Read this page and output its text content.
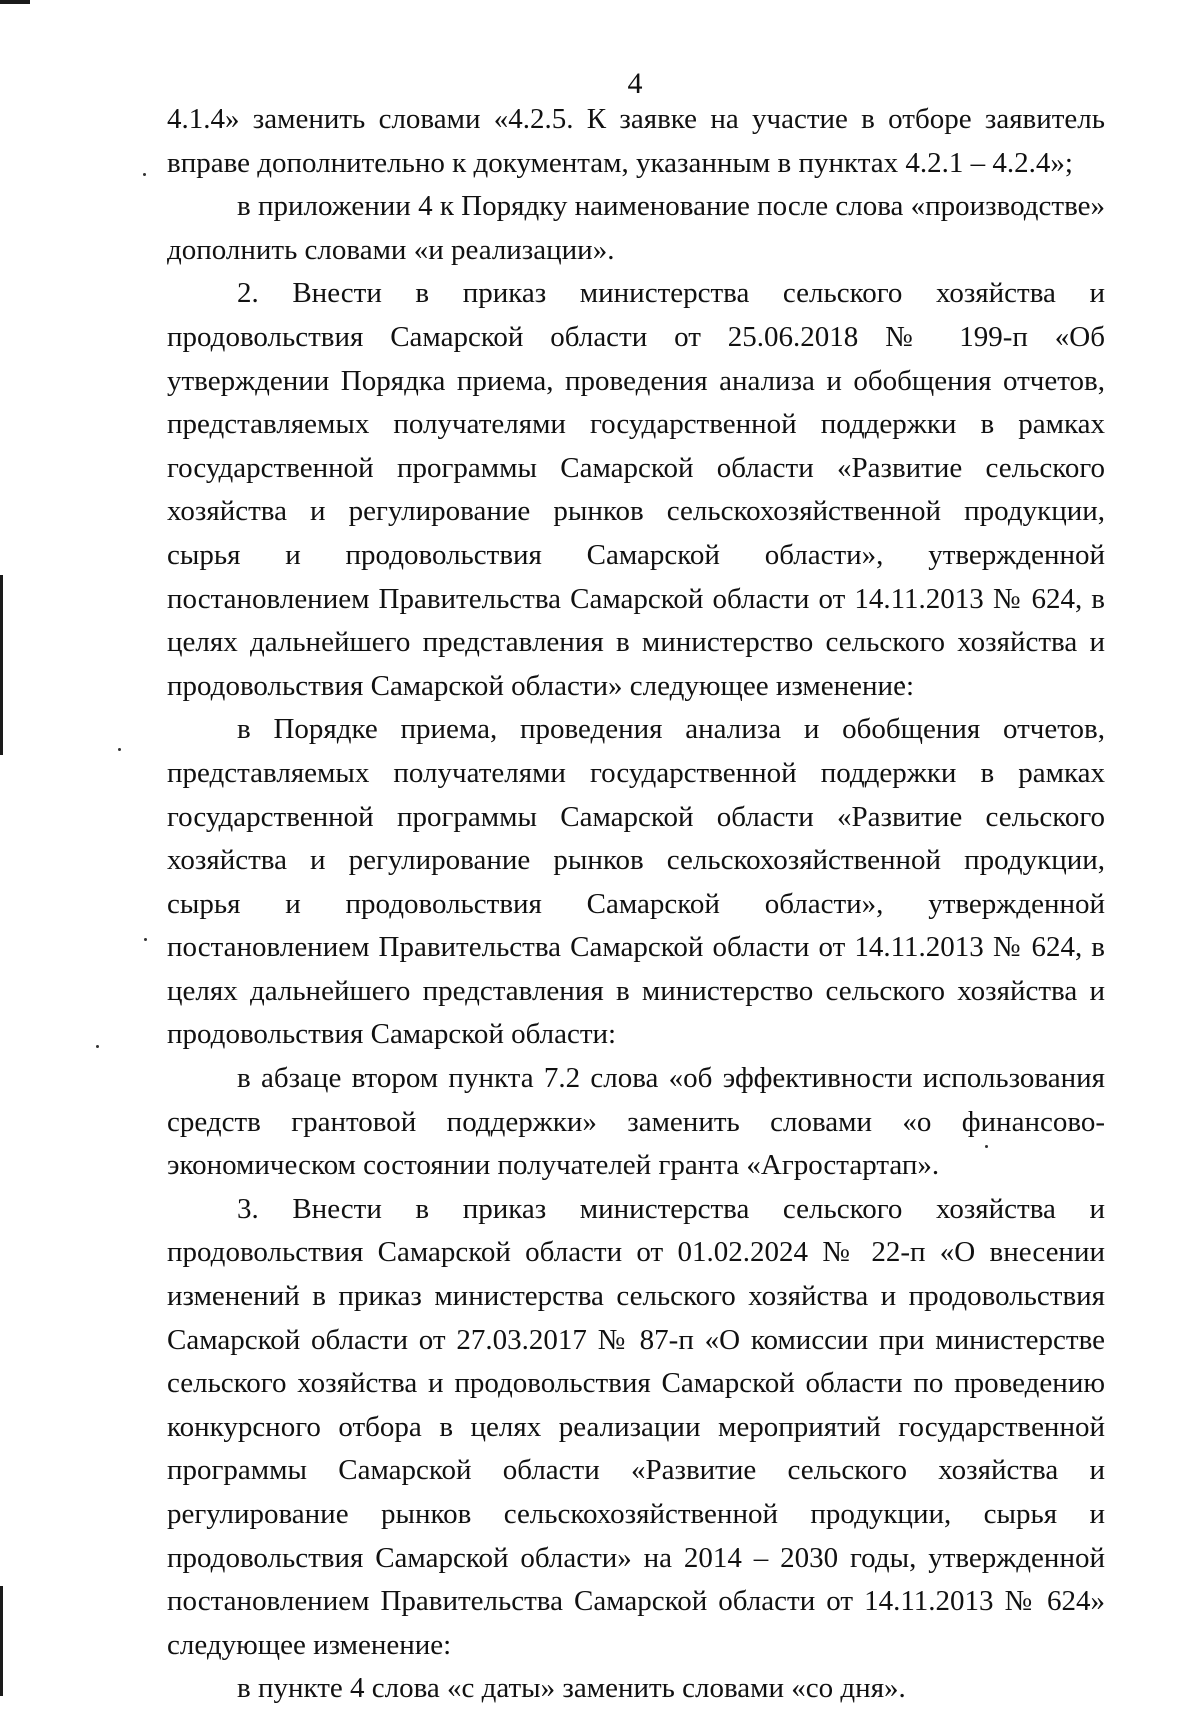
4

4.1.4» заменить словами «4.2.5. К заявке на участие в отборе заявитель вправе дополнительно к документам, указанным в пунктах 4.2.1 – 4.2.4»;

в приложении 4 к Порядку наименование после слова «производстве» дополнить словами «и реализации».

2. Внести в приказ министерства сельского хозяйства и продовольствия Самарской области от 25.06.2018 № 199-п «Об утверждении Порядка приема, проведения анализа и обобщения отчетов, представляемых получателями государственной поддержки в рамках государственной программы Самарской области «Развитие сельского хозяйства и регулирование рынков сельскохозяйственной продукции, сырья и продовольствия Самарской области», утвержденной постановлением Правительства Самарской области от 14.11.2013 № 624, в целях дальнейшего представления в министерство сельского хозяйства и продовольствия Самарской области» следующее изменение:

в Порядке приема, проведения анализа и обобщения отчетов, представляемых получателями государственной поддержки в рамках государственной программы Самарской области «Развитие сельского хозяйства и регулирование рынков сельскохозяйственной продукции, сырья и продовольствия Самарской области», утвержденной постановлением Правительства Самарской области от 14.11.2013 № 624, в целях дальнейшего представления в министерство сельского хозяйства и продовольствия Самарской области:

в абзаце втором пункта 7.2 слова «об эффективности использования средств грантовой поддержки» заменить словами «о финансово-экономическом состоянии получателей гранта «Агростартап».

3. Внести в приказ министерства сельского хозяйства и продовольствия Самарской области от 01.02.2024 № 22-п «О внесении изменений в приказ министерства сельского хозяйства и продовольствия Самарской области от 27.03.2017 № 87-п «О комиссии при министерстве сельского хозяйства и продовольствия Самарской области по проведению конкурсного отбора в целях реализации мероприятий государственной программы Самарской области «Развитие сельского хозяйства и регулирование рынков сельскохозяйственной продукции, сырья и продовольствия Самарской области» на 2014 – 2030 годы, утвержденной постановлением Правительства Самарской области от 14.11.2013 № 624» следующее изменение:

в пункте 4 слова «с даты» заменить словами «со дня».
